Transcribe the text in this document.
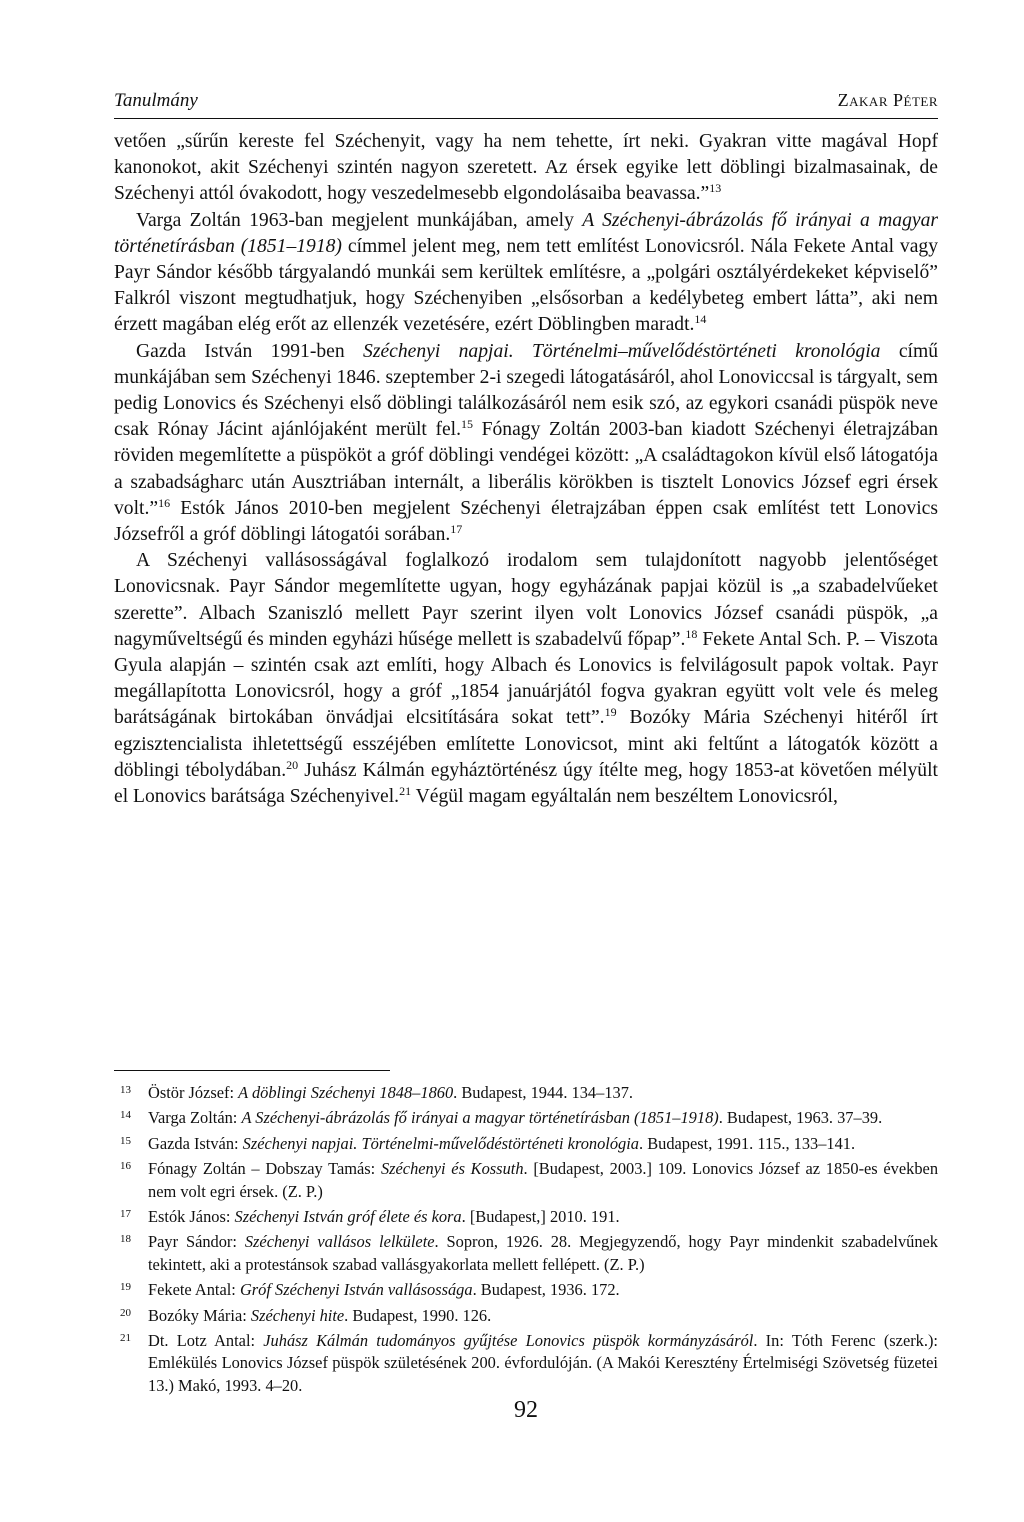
Tanulmány	Zakar Péter

vetően „sűrűn kereste fel Széchenyit, vagy ha nem tehette, írt neki. Gyakran vitte magával Hopf kanonokot, akit Széchenyi szintén nagyon szeretett. Az érsek egyike lett döblingi bizalmasainak, de Széchenyi attól óvakodott, hogy veszedelmesebb elgondolásaiba beavassa.”$^{13}$

Varga Zoltán 1963-ban megjelent munkájában, amely A Széchenyi-ábrázolás fő irányai a magyar történetírásban (1851–1918) címmel jelent meg, nem tett említést Lonovicsról. Nála Fekete Antal vagy Payr Sándor később tárgyalandó munkái sem kerültek említésre, a „polgári osztályérdekeket képviselő” Falkról viszont megtudhatjuk, hogy Széchenyiben „elsősorban a kedélybeteg embert látta”, aki nem érzett magában elég erőt az ellenzék vezetésére, ezért Döblingben maradt.$^{14}$

Gazda István 1991-ben Széchenyi napjai. Történelmi–művelődéstörténeti kronológia című munkájában sem Széchenyi 1846. szeptember 2-i szegedi látogatásáról, ahol Lonoviccsal is tárgyalt, sem pedig Lonovics és Széchenyi első döblingi találkozásáról nem esik szó, az egykori csanádi püspök neve csak Rónay Jácint ajánlójaként merült fel.$^{15}$ Fónagy Zoltán 2003-ban kiadott Széchenyi életrajzában röviden megemlítette a püspököt a gróf döblingi vendégei között: „A családtagokon kívül első látogatója a szabadságharc után Ausztriában internált, a liberális körökben is tisztelt Lonovics József egri érsek volt.”$^{16}$ Estók János 2010-ben megjelent Széchenyi életrajzában éppen csak említést tett Lonovics Józsefről a gróf döblingi látogatói sorában.$^{17}$

A Széchenyi vallásosságával foglalkozó irodalom sem tulajdonított nagyobb jelentőséget Lonovicsnak. Payr Sándor megemlítette ugyan, hogy egyházának papjai közül is „a szabadelvűeket szerette”. Albach Szaniszló mellett Payr szerint ilyen volt Lonovics József csanádi püspök, „a nagyműveltségű és minden egyházi hűsége mellett is szabadelvű főpap”.$^{18}$ Fekete Antal Sch. P. – Viszota Gyula alapján – szintén csak azt említi, hogy Albach és Lonovics is felvilágosult papok voltak. Payr megállapította Lonovicsról, hogy a gróf „1854 januárjától fogva gyakran együtt volt vele és meleg barátságának birtokában önvádjai elcsitítására sokat tett”.$^{19}$ Bozóky Mária Széchenyi hitéről írt egzisztencialista ihletettségű esszéjében említette Lonovicsot, mint aki feltűnt a látogatók között a döblingi tébolydában.$^{20}$ Juhász Kálmán egyháztörténész úgy ítélte meg, hogy 1853-at követően mélyült el Lonovics barátsága Széchenyivel.$^{21}$ Végül magam egyáltalán nem beszéltem Lonovicsról,

13 Östör József: A döblingi Széchenyi 1848–1860. Budapest, 1944. 134–137.
14 Varga Zoltán: A Széchenyi-ábrázolás fő irányai a magyar történetírásban (1851–1918). Budapest, 1963. 37–39.
15 Gazda István: Széchenyi napjai. Történelmi-művelődéstörténeti kronológia. Budapest, 1991. 115., 133–141.
16 Fónagy Zoltán – Dobszay Tamás: Széchenyi és Kossuth. [Budapest, 2003.] 109. Lonovics József az 1850-es években nem volt egri érsek. (Z. P.)
17 Estók János: Széchenyi István gróf élete és kora. [Budapest,] 2010. 191.
18 Payr Sándor: Széchenyi vallásos lelkülete. Sopron, 1926. 28. Megjegyzendő, hogy Payr mindenkit szabadelvűnek tekintett, aki a protestánsok szabad vallásgyakorlata mellett fellépett. (Z. P.)
19 Fekete Antal: Gróf Széchenyi István vallásossága. Budapest, 1936. 172.
20 Bozóky Mária: Széchenyi hite. Budapest, 1990. 126.
21 Dt. Lotz Antal: Juhász Kálmán tudományos gyűjtése Lonovics püspök kormányzásáról. In: Tóth Ferenc (szerk.): Emlékülés Lonovics József püspök születésének 200. évfordulóján. (A Makói Keresztény Értelmiségi Szövetség füzetei 13.) Makó, 1993. 4–20.
92
